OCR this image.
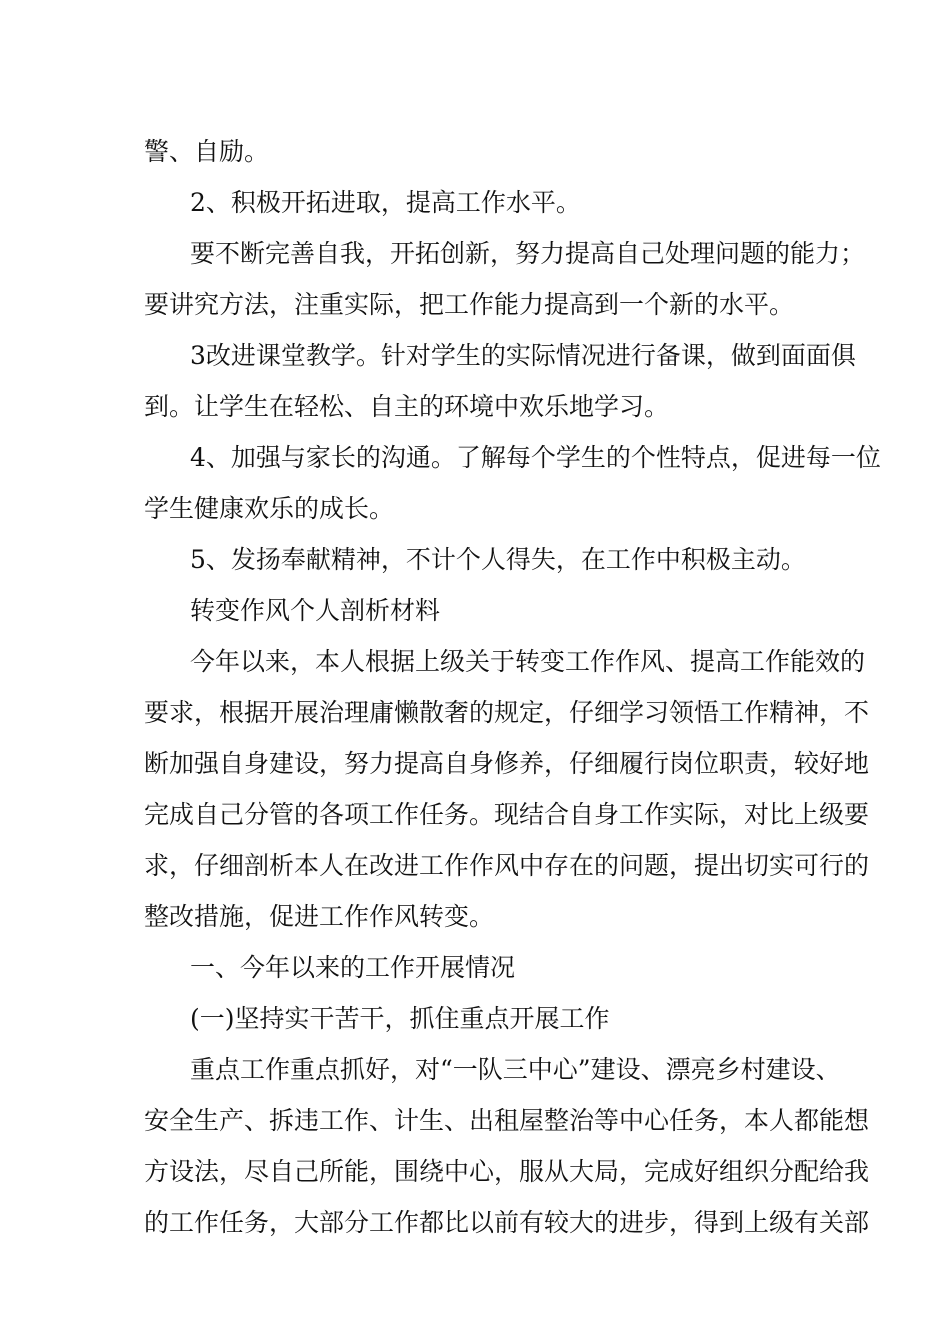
警、自励。

2、积极开拓进取，提高工作水平。

要不断完善自我，开拓创新，努力提高自己处理问题的能力；

要讲究方法，注重实际，把工作能力提高到一个新的水平。

3改进课堂教学。针对学生的实际情况进行备课，做到面面俱

到。让学生在轻松、自主的环境中欢乐地学习。

4、加强与家长的沟通。了解每个学生的个性特点，促进每一位

学生健康欢乐的成长。

5、发扬奉献精神，不计个人得失，在工作中积极主动。

转变作风个人剖析材料

今年以来，本人根据上级关于转变工作作风、提高工作能效的

要求，根据开展治理庸懒散奢的规定，仔细学习领悟工作精神，不

断加强自身建设，努力提高自身修养，仔细履行岗位职责，较好地

完成自己分管的各项工作任务。现结合自身工作实际，对比上级要

求，仔细剖析本人在改进工作作风中存在的问题，提出切实可行的

整改措施，促进工作作风转变。

一、今年以来的工作开展情况

(一)坚持实干苦干，抓住重点开展工作

重点工作重点抓好，对“一队三中心”建设、漂亮乡村建设、

安全生产、拆违工作、计生、出租屋整治等中心任务，本人都能想

方设法，尽自己所能，围绕中心，服从大局，完成好组织分配给我

的工作任务，大部分工作都比以前有较大的进步，得到上级有关部
